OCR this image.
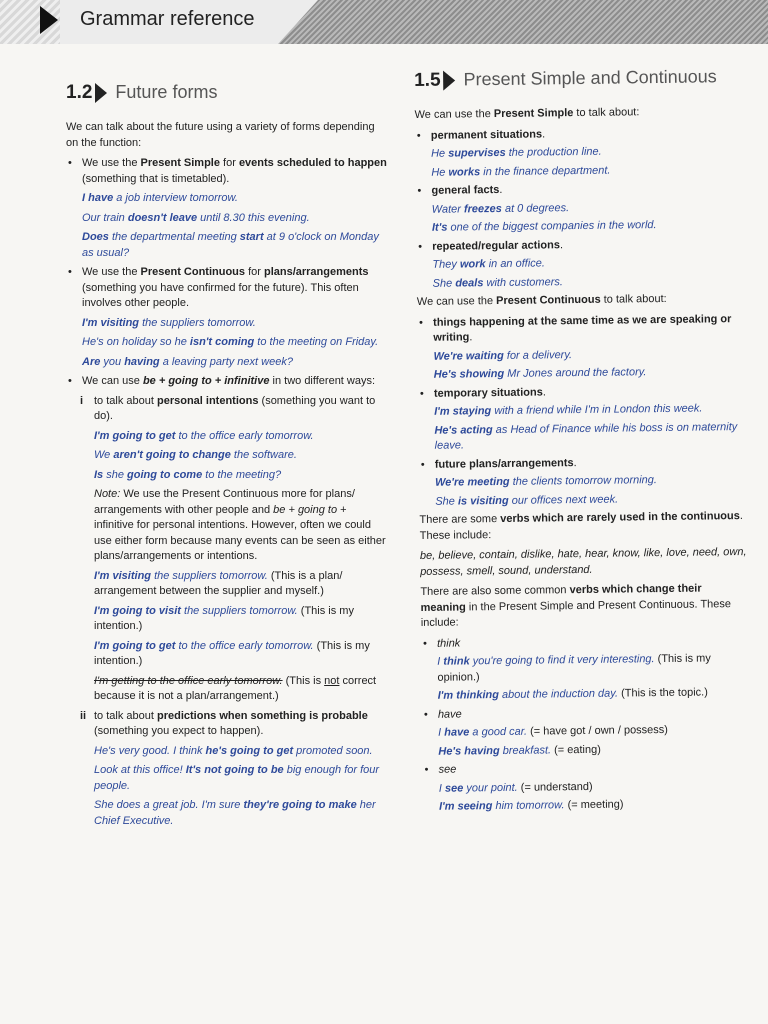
Grammar reference
1.2 Future forms

We can talk about the future using a variety of forms depending on the function:

• We use the Present Simple for events scheduled to happen (something that is timetabled).
I have a job interview tomorrow.
Our train doesn't leave until 8.30 this evening.
Does the departmental meeting start at 9 o'clock on Monday as usual?
• We use the Present Continuous for plans/arrangements (something you have confirmed for the future). This often involves other people.
I'm visiting the suppliers tomorrow.
He's on holiday so he isn't coming to the meeting on Friday.
Are you having a leaving party next week?
• We can use be + going to + infinitive in two different ways:
i to talk about personal intentions (something you want to do).
I'm going to get to the office early tomorrow.
We aren't going to change the software.
Is she going to come to the meeting?
Note: We use the Present Continuous more for plans/ arrangements with other people and be + going to + infinitive for personal intentions. However, often we could use either form because many events can be seen as either plans/arrangements or intentions.
I'm visiting the suppliers tomorrow. (This is a plan/ arrangement between the supplier and myself.)
I'm going to visit the suppliers tomorrow. (This is my intention.)
I'm going to get to the office early tomorrow. (This is my intention.)
I'm getting to the office early tomorrow. (This is not correct because it is not a plan/arrangement.)
ii to talk about predictions when something is probable (something you expect to happen).
He's very good. I think he's going to get promoted soon.
Look at this office! It's not going to be big enough for four people.
She does a great job. I'm sure they're going to make her Chief Executive.
1.5 Present Simple and Continuous

We can use the Present Simple to talk about:

• permanent situations.
He supervises the production line.
He works in the finance department.
• general facts.
Water freezes at 0 degrees.
It's one of the biggest companies in the world.
• repeated/regular actions.
They work in an office.
She deals with customers.

We can use the Present Continuous to talk about:

• things happening at the same time as we are speaking or writing.
We're waiting for a delivery.
He's showing Mr Jones around the factory.
• temporary situations.
I'm staying with a friend while I'm in London this week.
He's acting as Head of Finance while his boss is on maternity leave.
• future plans/arrangements.
We're meeting the clients tomorrow morning.
She is visiting our offices next week.

There are some verbs which are rarely used in the continuous. These include:

be, believe, contain, dislike, hate, hear, know, like, love, need, own, possess, smell, sound, understand.

There are also some common verbs which change their meaning in the Present Simple and Present Continuous. These include:

• think
I think you're going to find it very interesting. (This is my opinion.)
I'm thinking about the induction day. (This is the topic.)
• have
I have a good car. (= have got / own / possess)
He's having breakfast. (= eating)
• see
I see your point. (= understand)
I'm seeing him tomorrow. (= meeting)
